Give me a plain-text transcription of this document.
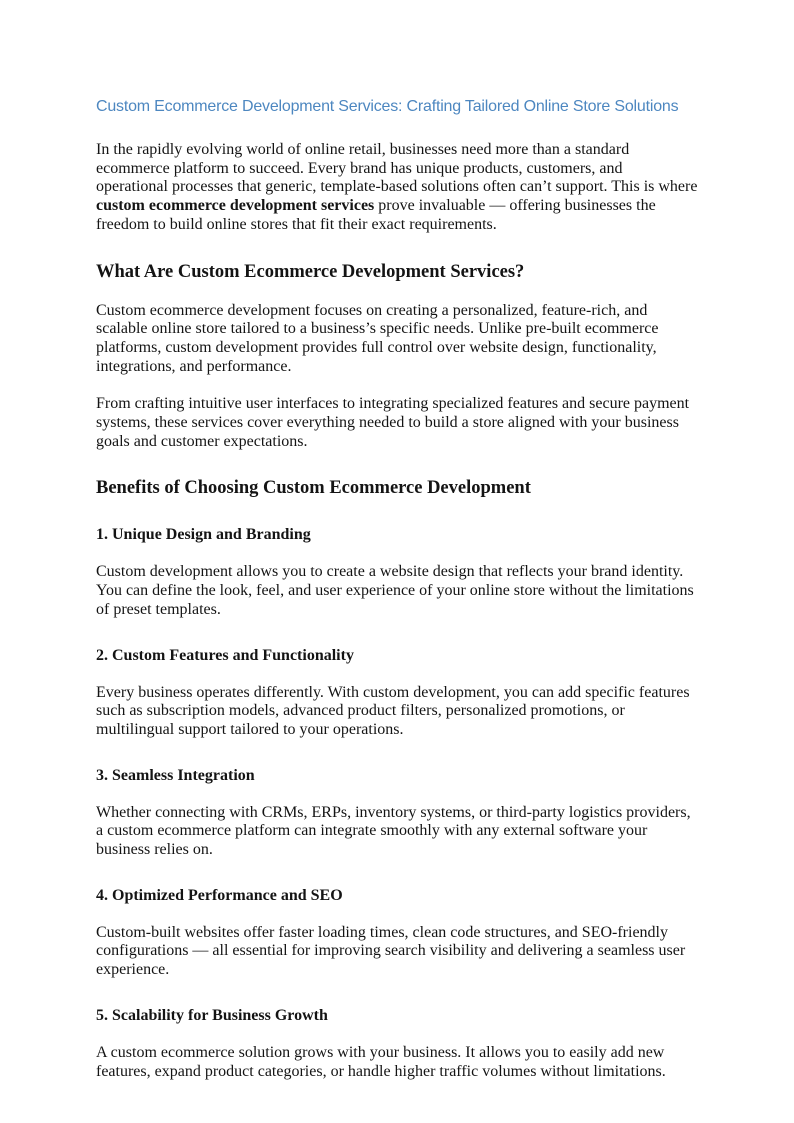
Custom Ecommerce Development Services: Crafting Tailored Online Store Solutions

In the rapidly evolving world of online retail, businesses need more than a standard ecommerce platform to succeed. Every brand has unique products, customers, and operational processes that generic, template-based solutions often can’t support. This is where custom ecommerce development services prove invaluable — offering businesses the freedom to build online stores that fit their exact requirements.

What Are Custom Ecommerce Development Services?

Custom ecommerce development focuses on creating a personalized, feature-rich, and scalable online store tailored to a business’s specific needs. Unlike pre-built ecommerce platforms, custom development provides full control over website design, functionality, integrations, and performance.

From crafting intuitive user interfaces to integrating specialized features and secure payment systems, these services cover everything needed to build a store aligned with your business goals and customer expectations.

Benefits of Choosing Custom Ecommerce Development
1. Unique Design and Branding

Custom development allows you to create a website design that reflects your brand identity. You can define the look, feel, and user experience of your online store without the limitations of preset templates.

2. Custom Features and Functionality

Every business operates differently. With custom development, you can add specific features such as subscription models, advanced product filters, personalized promotions, or multilingual support tailored to your operations.

3. Seamless Integration

Whether connecting with CRMs, ERPs, inventory systems, or third-party logistics providers, a custom ecommerce platform can integrate smoothly with any external software your business relies on.

4. Optimized Performance and SEO

Custom-built websites offer faster loading times, clean code structures, and SEO-friendly configurations — all essential for improving search visibility and delivering a seamless user experience.

5. Scalability for Business Growth

A custom ecommerce solution grows with your business. It allows you to easily add new features, expand product categories, or handle higher traffic volumes without limitations.
